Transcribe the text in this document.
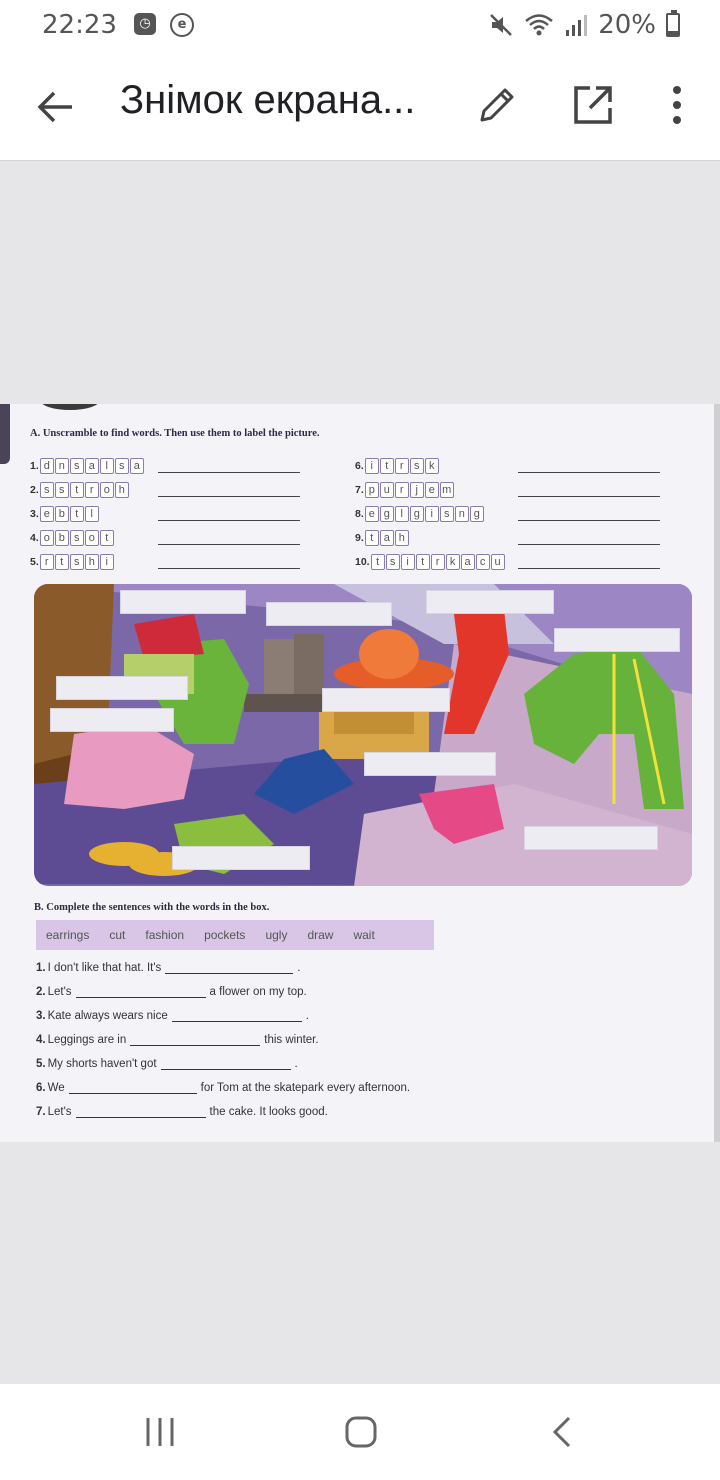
22:23	◷	e	20%
Знімок екрана...
A. Unscramble to find words. Then use them to label the picture.
1. d n s a l	s a
2. s s t	r o h
3. e b t	l
4. o b s o t
5. r	t s h i
6. i	t	r s k
7. p u r	j e m
8. e g l g i	s n g
9. t a h
10. t s	i	t	r k a c u
B. Complete the sentences with the words in the box.
earrings	cut	fashion	pockets	ugly	draw	wait
1. I don't like that hat. It's	.
2. Let's	a flower on my top.
3. Kate always wears nice	.
4. Leggings are in	this winter.
5. My shorts haven't got	.
6. We	for Tom at the skatepark every afternoon.
7. Let's	the cake. It looks good.
